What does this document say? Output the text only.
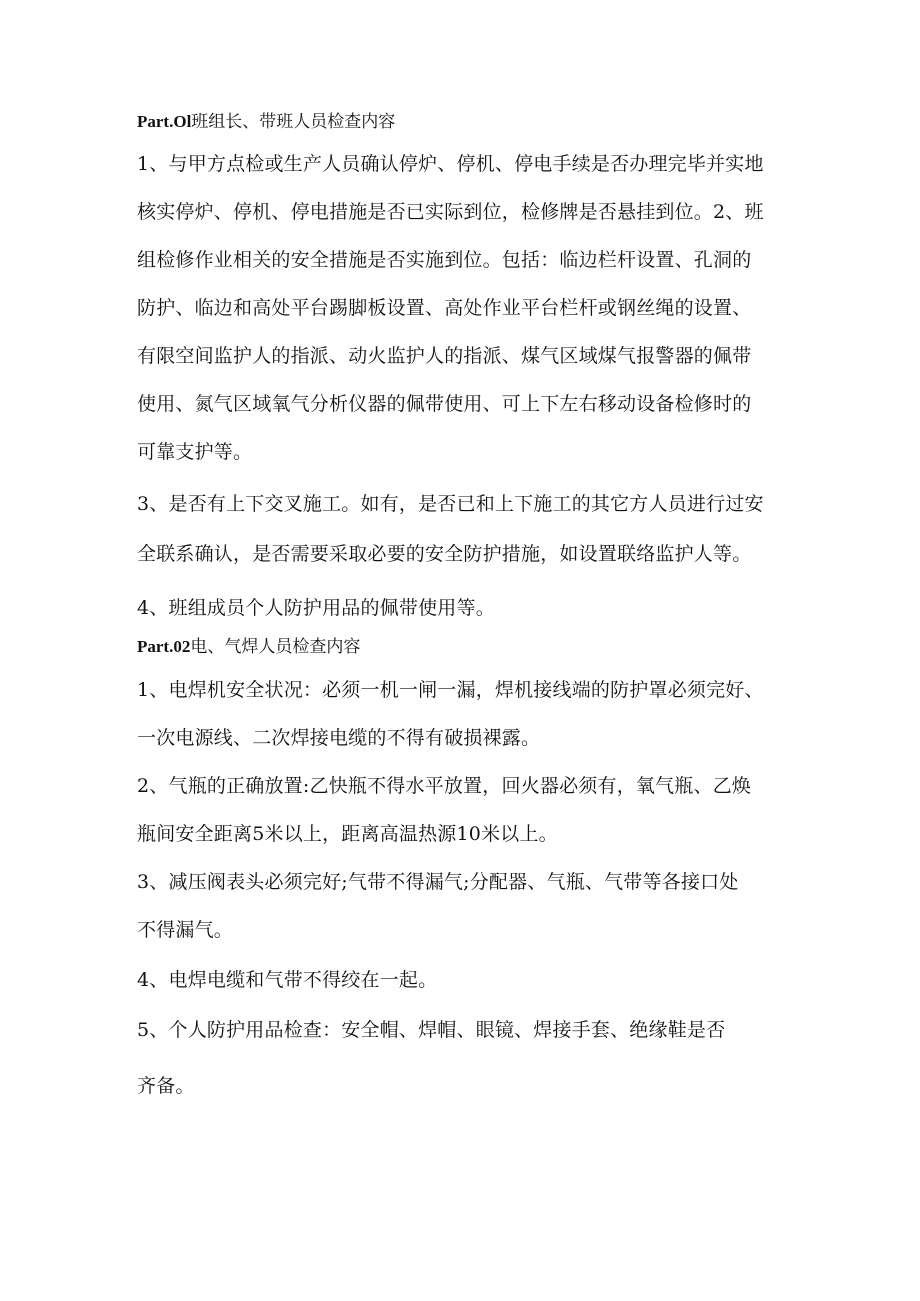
Part.Ol班组长、带班人员检查内容
1、与甲方点检或生产人员确认停炉、停机、停电手续是否办理完毕并实地
核实停炉、停机、停电措施是否已实际到位，检修牌是否悬挂到位。2、班
组检修作业相关的安全措施是否实施到位。包括：临边栏杆设置、孔洞的
防护、临边和高处平台踢脚板设置、高处作业平台栏杆或钢丝绳的设置、
有限空间监护人的指派、动火监护人的指派、煤气区域煤气报警器的佩带
使用、氮气区域氧气分析仪器的佩带使用、可上下左右移动设备检修时的
可靠支护等。
3、是否有上下交叉施工。如有，是否已和上下施工的其它方人员进行过安
全联系确认，是否需要采取必要的安全防护措施，如设置联络监护人等。
4、班组成员个人防护用品的佩带使用等。
Part.02电、气焊人员检查内容
1、电焊机安全状况：必须一机一闸一漏，焊机接线端的防护罩必须完好、
一次电源线、二次焊接电缆的不得有破损裸露。
2、气瓶的正确放置:乙快瓶不得水平放置，回火器必须有，氧气瓶、乙焕
瓶间安全距离5米以上，距离高温热源10米以上。
3、减压阀表头必须完好;气带不得漏气;分配器、气瓶、气带等各接口处
不得漏气。
4、电焊电缆和气带不得绞在一起。
5、个人防护用品检查：安全帽、焊帽、眼镜、焊接手套、绝缘鞋是否
齐备。
